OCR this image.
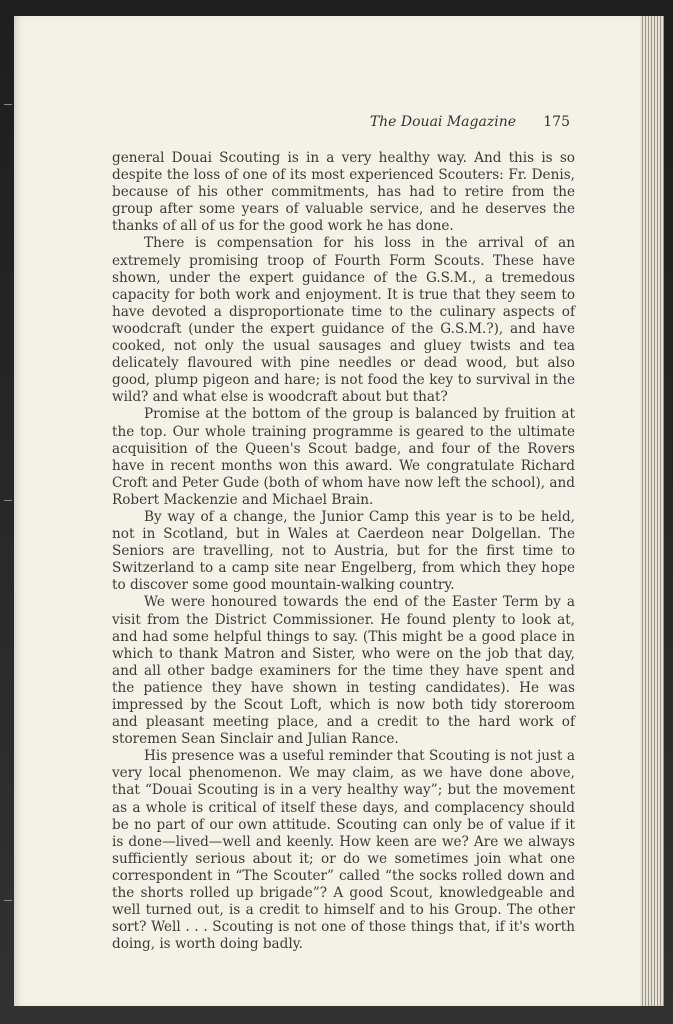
The Douai Magazine 175

general Douai Scouting is in a very healthy way. And this is so despite the loss of one of its most experienced Scouters: Fr. Denis, because of his other commitments, has had to retire from the group after some years of valuable service, and he deserves the thanks of all of us for the good work he has done.

There is compensation for his loss in the arrival of an extremely promising troop of Fourth Form Scouts. These have shown, under the expert guidance of the G.S.M., a tremedous capacity for both work and enjoyment. It is true that they seem to have devoted a disproportionate time to the culinary aspects of woodcraft (under the expert guidance of the G.S.M.?), and have cooked, not only the usual sausages and gluey twists and tea delicately flavoured with pine needles or dead wood, but also good, plump pigeon and hare; is not food the key to survival in the wild? and what else is woodcraft about but that?

Promise at the bottom of the group is balanced by fruition at the top. Our whole training programme is geared to the ultimate acquisition of the Queen's Scout badge, and four of the Rovers have in recent months won this award. We congratulate Richard Croft and Peter Gude (both of whom have now left the school), and Robert Mackenzie and Michael Brain.

By way of a change, the Junior Camp this year is to be held, not in Scotland, but in Wales at Caerdeon near Dolgellan. The Seniors are travelling, not to Austria, but for the first time to Switzerland to a camp site near Engelberg, from which they hope to discover some good mountain-walking country.

We were honoured towards the end of the Easter Term by a visit from the District Commissioner. He found plenty to look at, and had some helpful things to say. (This might be a good place in which to thank Matron and Sister, who were on the job that day, and all other badge examiners for the time they have spent and the patience they have shown in testing candidates). He was impressed by the Scout Loft, which is now both tidy storeroom and pleasant meeting place, and a credit to the hard work of storemen Sean Sinclair and Julian Rance.

His presence was a useful reminder that Scouting is not just a very local phenomenon. We may claim, as we have done above, that “Douai Scouting is in a very healthy way”; but the movement as a whole is critical of itself these days, and complacency should be no part of our own attitude. Scouting can only be of value if it is done—lived—well and keenly. How keen are we? Are we always sufficiently serious about it; or do we sometimes join what one correspondent in “The Scouter” called “the socks rolled down and the shorts rolled up brigade”? A good Scout, knowledgeable and well turned out, is a credit to himself and to his Group. The other sort? Well . . . Scouting is not one of those things that, if it's worth doing, is worth doing badly.
